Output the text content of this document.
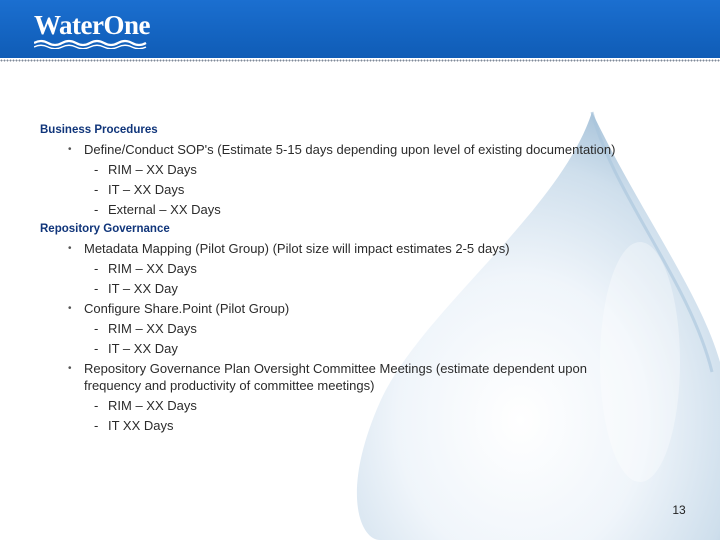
WaterOne
Business Procedures
• Define/Conduct SOP's (Estimate 5-15 days depending upon level of existing documentation)
- RIM – XX Days
- IT – XX Days
- External – XX Days
Repository Governance
• Metadata Mapping (Pilot Group) (Pilot size will impact estimates 2-5 days)
- RIM – XX Days
- IT – XX Day
• Configure Share.Point (Pilot Group)
- RIM – XX Days
- IT – XX Day
• Repository Governance Plan Oversight Committee Meetings (estimate dependent upon frequency and productivity of committee meetings)
- RIM – XX Days
- IT XX Days
13
